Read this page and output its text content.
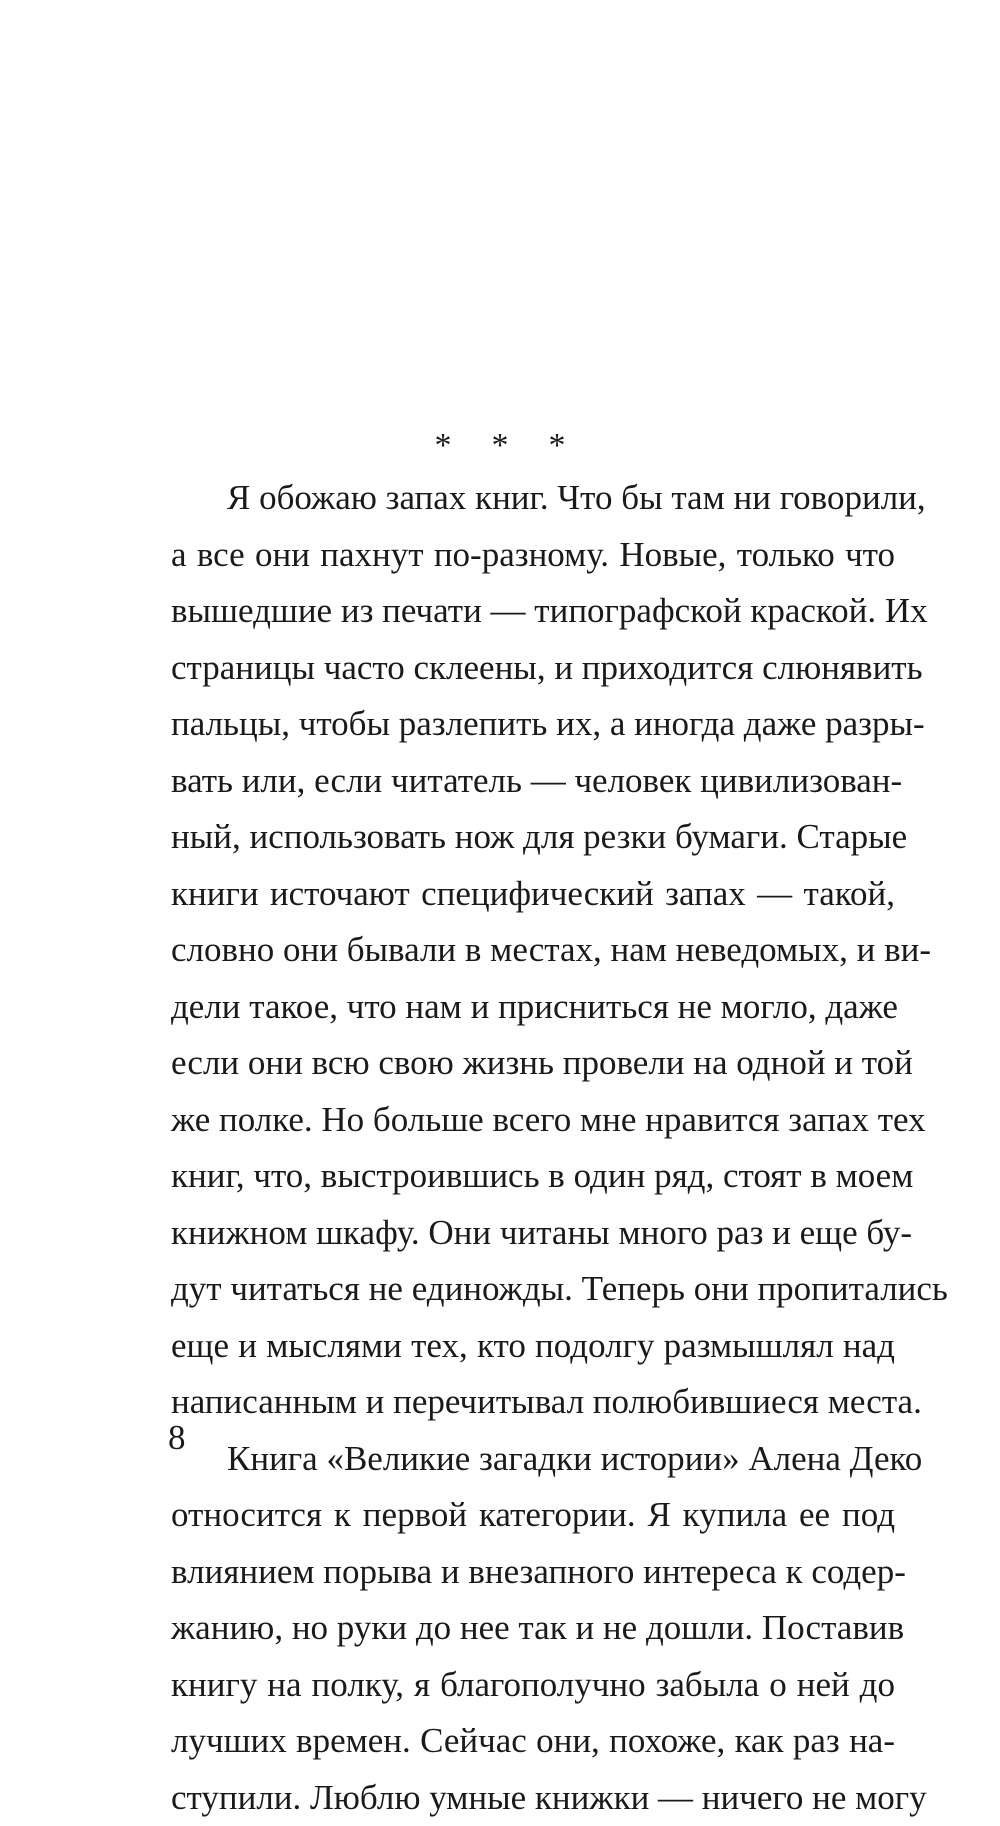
* * *
Я обожаю запах книг. Что бы там ни говорили,
а все они пахнут по-разному. Новые, только что
вышедшие из печати — типографской краской. Их
страницы часто склеены, и приходится слюнявить
пальцы, чтобы разлепить их, а иногда даже разры-
вать или, если читатель — человек цивилизован-
ный, использовать нож для резки бумаги. Старые
книги источают специфический запах — такой,
словно они бывали в местах, нам неведомых, и ви-
дели такое, что нам и присниться не могло, даже
если они всю свою жизнь провели на одной и той
же полке. Но больше всего мне нравится запах тех
книг, что, выстроившись в один ряд, стоят в моем
книжном шкафу. Они читаны много раз и еще бу-
дут читаться не единожды. Теперь они пропитались
еще и мыслями тех, кто подолгу размышлял над
написанным и перечитывал полюбившиеся места.
Книга «Великие загадки истории» Алена Деко
относится к первой категории. Я купила ее под
влиянием порыва и внезапного интереса к содер-
жанию, но руки до нее так и не дошли. Поставив
книгу на полку, я благополучно забыла о ней до
лучших времен. Сейчас они, похоже, как раз на-
ступили. Люблю умные книжки — ничего не могу
8
